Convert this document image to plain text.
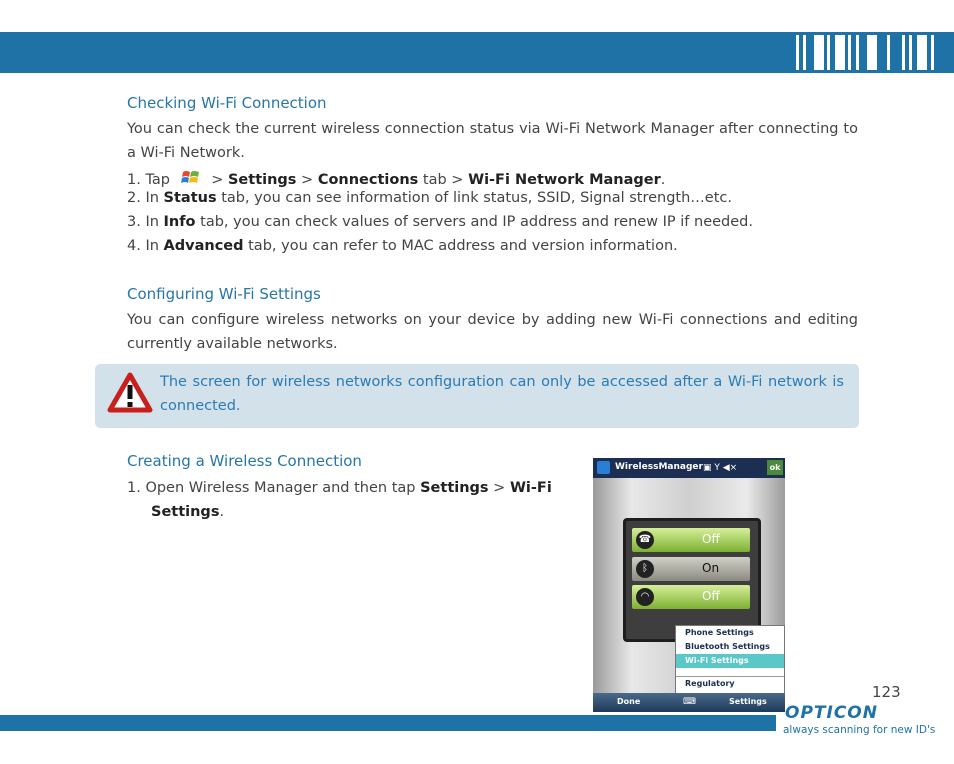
Checking Wi-Fi Connection
You can check the current wireless connection status via Wi-Fi Network Manager after connecting to a Wi-Fi Network.
1. Tap	> Settings > Connections tab > Wi-Fi Network Manager.
2. In Status tab, you can see information of link status, SSID, Signal strength…etc.
3. In Info tab, you can check values of servers and IP address and renew IP if needed.
4. In Advanced tab, you can refer to MAC address and version information.
Configuring Wi-Fi Settings
You can configure wireless networks on your device by adding new Wi-Fi connections and editing currently available networks.
The screen for wireless networks configuration can only be accessed after a Wi-Fi network is connected.
Creating a Wireless Connection
1. Open Wireless Manager and then tap Settings > Wi-Fi
Settings.
WirelessManager ▣ Y ◀×	ok
☎	Off
ᛒ	On
◠	Off
Phone Settings
Bluetooth Settings
Wi-Fi Settings
Regulatory
Done	⌨	Settings
123
OPTICON
always scanning for new ID's
